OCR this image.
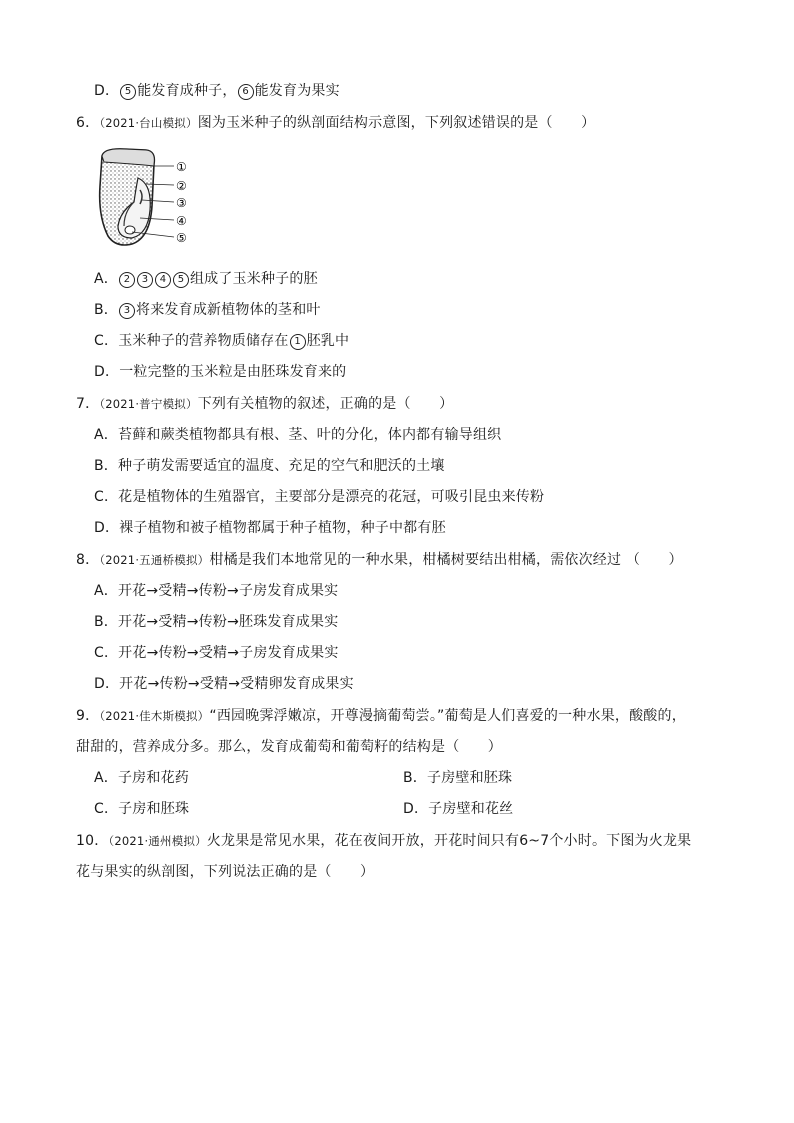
D． 5 能发育成种子， 6 能发育为果实
6．（2021·台山模拟）图为玉米种子的纵剖面结构示意图，下列叙述错误的是（　　）
①
②
③
④
⑤
A． 2 3 4 5 组成了玉米种子的胚
B． 3 将来发育成新植物体的茎和叶
C．玉米种子的营养物质储存在 1 胚乳中
D．一粒完整的玉米粒是由胚珠发育来的
7．（2021·普宁模拟）下列有关植物的叙述，正确的是（　　）
A．苔藓和蕨类植物都具有根、茎、叶的分化，体内都有输导组织
B．种子萌发需要适宜的温度、充足的空气和肥沃的土壤
C．花是植物体的生殖器官，主要部分是漂亮的花冠，可吸引昆虫来传粉
D．裸子植物和被子植物都属于种子植物，种子中都有胚
8．（2021·五通桥模拟）柑橘是我们本地常见的一种水果，柑橘树要结出柑橘，需依次经过 （　　）
A．开花→受精→传粉→子房发育成果实
B．开花→受精→传粉→胚珠发育成果实
C．开花→传粉→受精→子房发育成果实
D．开花→传粉→受精→受精卵发育成果实
9．（2021·佳木斯模拟）“西园晚霁浮嫩凉，开尊漫摘葡萄尝。”葡萄是人们喜爱的一种水果，酸酸的，
甜甜的，营养成分多。那么，发育成葡萄和葡萄籽的结构是（　　）
A．子房和花药	B．子房壁和胚珠
C．子房和胚珠	D．子房壁和花丝
10．（2021·通州模拟）火龙果是常见水果，花在夜间开放，开花时间只有6~7个小时。下图为火龙果
花与果实的纵剖图，下列说法正确的是（　　）
